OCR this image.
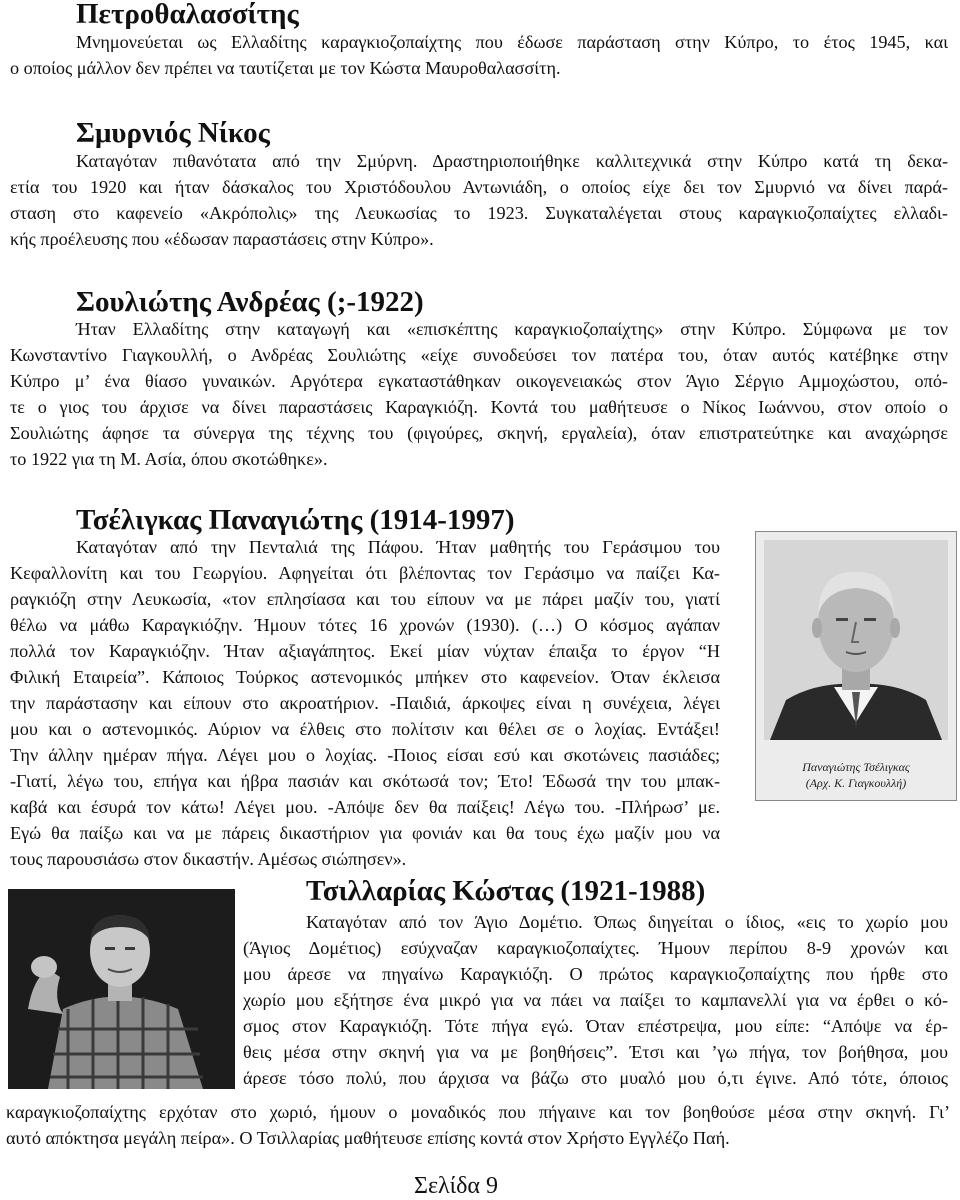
Πετροθαλασσίτης
Μνημονεύεται ως Ελλαδίτης καραγκιοζοπαίχτης που έδωσε παράσταση στην Κύπρο, το έτος 1945, και
ο οποίος μάλλον δεν πρέπει να ταυτίζεται με τον Κώστα Μαυροθαλασσίτη.
Σμυρνιός Νίκος
Καταγόταν πιθανότατα από την Σμύρνη. Δραστηριοποιήθηκε καλλιτεχνικά στην Κύπρο κατά τη δεκα-
ετία του 1920 και ήταν δάσκαλος του Χριστόδουλου Αντωνιάδη, ο οποίος είχε δει τον Σμυρνιό να δίνει παρά-
σταση στο καφενείο «Ακρόπολις» της Λευκωσίας το 1923. Συγκαταλέγεται στους καραγκιοζοπαίχτες ελλαδι-
κής προέλευσης που «έδωσαν παραστάσεις στην Κύπρο».
Σουλιώτης Ανδρέας (;-1922)
Ήταν Ελλαδίτης στην καταγωγή και «επισκέπτης καραγκιοζοπαίχτης» στην Κύπρο. Σύμφωνα με τον
Κωνσταντίνο Γιαγκουλλή, ο Ανδρέας Σουλιώτης «είχε συνοδεύσει τον πατέρα του, όταν αυτός κατέβηκε στην
Κύπρο μ’ ένα θίασο γυναικών. Αργότερα εγκαταστάθηκαν οικογενειακώς στον Άγιο Σέργιο Αμμοχώστου, οπό-
τε ο γιος του άρχισε να δίνει παραστάσεις Καραγκιόζη. Κοντά του μαθήτευσε ο Νίκος Ιωάννου, στον οποίο ο
Σουλιώτης άφησε τα σύνεργα της τέχνης του (φιγούρες, σκηνή, εργαλεία), όταν επιστρατεύτηκε και αναχώρησε
το 1922 για τη Μ. Ασία, όπου σκοτώθηκε».
Τσέλιγκας Παναγιώτης (1914-1997)
Καταγόταν από την Πενταλιά της Πάφου. Ήταν μαθητής του Γεράσιμου του
Κεφαλλονίτη και του Γεωργίου. Αφηγείται ότι βλέποντας τον Γεράσιμο να παίζει Κα-
ραγκιόζη στην Λευκωσία, «τον επλησίασα και του είπουν να με πάρει μαζίν του, γιατί
θέλω να μάθω Καραγκιόζην. Ήμουν τότες 16 χρονών (1930). (…) Ο κόσμος αγάπαν
πολλά τον Καραγκιόζην. Ήταν αξιαγάπητος. Εκεί μίαν νύχταν έπαιξα το έργον “Η
Φιλική Εταιρεία”. Κάποιος Τούρκος αστενομικός μπήκεν στο καφενείον. Όταν έκλεισα
την παράστασην και είπουν στο ακροατήριον. -Παιδιά, άρκοψες είναι η συνέχεια, λέγει
μου και ο αστενομικός. Αύριον να έλθεις στο πολίτσιν και θέλει σε ο λοχίας. Εντάξει!
Την άλλην ημέραν πήγα. Λέγει μου ο λοχίας. -Ποιος είσαι εσύ και σκοτώνεις πασιάδες;
-Γιατί, λέγω του, επήγα και ήβρα πασιάν και σκότωσά τον; Έτο! Έδωσά την του μπακ-
καβά και έσυρά τον κάτω! Λέγει μου. -Απόψε δεν θα παίξεις! Λέγω του. -Πλήρωσ’ με.
Εγώ θα παίξω και να με πάρεις δικαστήριον για φονιάν και θα τους έχω μαζίν μου να
τους παρουσιάσω στον δικαστήν. Αμέσως σιώπησεν».
Παναγιώτης Τσέλιγκας
(Αρχ. Κ. Γιαγκουλλή)
Τσιλλαρίας Κώστας (1921-1988)
Καταγόταν από τον Άγιο Δομέτιο. Όπως διηγείται ο ίδιος, «εις το χωρίο μου
(Άγιος Δομέτιος) εσύχναζαν καραγκιοζοπαίχτες. Ήμουν περίπου 8-9 χρονών και
μου άρεσε να πηγαίνω Καραγκιόζη. Ο πρώτος καραγκιοζοπαίχτης που ήρθε στο
χωρίο μου εξήτησε ένα μικρό για να πάει να παίξει το καμπανελλί για να έρθει ο κό-
σμος στον Καραγκιόζη. Τότε πήγα εγώ. Όταν επέστρεψα, μου είπε: “Απόψε να έρ-
θεις μέσα στην σκηνή για να με βοηθήσεις”. Έτσι και ’γω πήγα, τον βοήθησα, μου
άρεσε τόσο πολύ, που άρχισα να βάζω στο μυαλό μου ό,τι έγινε. Από τότε, όποιος
καραγκιοζοπαίχτης ερχόταν στο χωριό, ήμουν ο μοναδικός που πήγαινε και τον βοηθούσε μέσα στην σκηνή. Γι’
αυτό απόκτησα μεγάλη πείρα». Ο Τσιλλαρίας μαθήτευσε επίσης κοντά στον Χρήστο Εγγλέζο Παή.
Σελίδα 9
